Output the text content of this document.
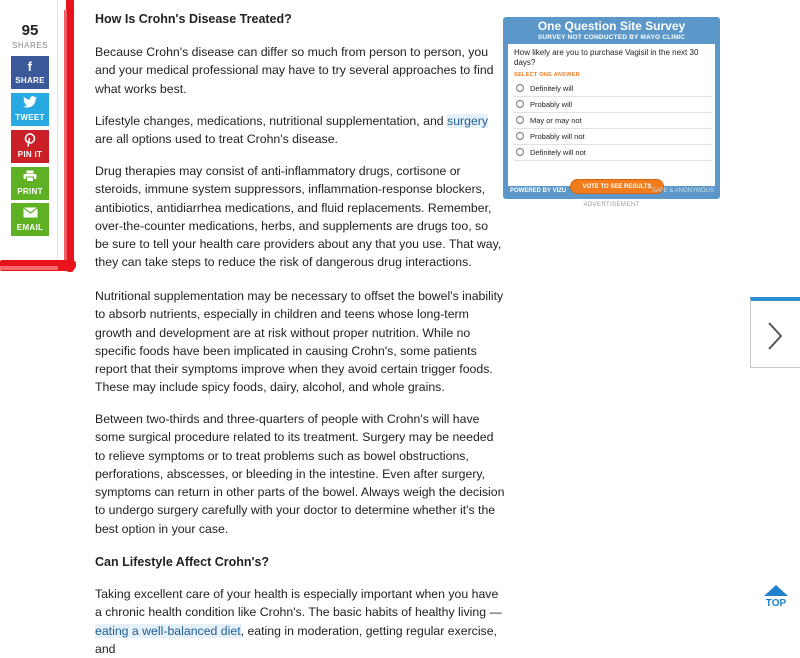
95
SHARES
f
SHARE
TWEET
PIN IT
PRINT
EMAIL
How Is Crohn's Disease Treated?

Because Crohn's disease can differ so much from person to person, you and your medical professional may have to try several approaches to find what works best.

Lifestyle changes, medications, nutritional supplementation, and surgery are all options used to treat Crohn's disease.

Drug therapies may consist of anti-inflammatory drugs, cortisone or steroids, immune system suppressors, inflammation-response blockers, antibiotics, antidiarrhea medications, and fluid replacements. Remember, over-the-counter medications, herbs, and supplements are drugs too, so be sure to tell your health care providers about any that you use. That way, they can take steps to reduce the risk of dangerous drug interactions.

Nutritional supplementation may be necessary to offset the bowel's inability to absorb nutrients, especially in children and teens whose long-term growth and development are at risk without proper nutrition. While no specific foods have been implicated in causing Crohn's, some patients report that their symptoms improve when they avoid certain trigger foods. These may include spicy foods, dairy, alcohol, and whole grains.

Between two-thirds and three-quarters of people with Crohn's will have some surgical procedure related to its treatment. Surgery may be needed to relieve symptoms or to treat problems such as bowel obstructions, perforations, abscesses, or bleeding in the intestine. Even after surgery, symptoms can return in other parts of the bowel. Always weigh the decision to undergo surgery carefully with your doctor to determine whether it's the best option in your case.

Can Lifestyle Affect Crohn's?

Taking excellent care of your health is especially important when you have a chronic health condition like Crohn's. The basic habits of healthy living — eating a well-balanced diet, eating in moderation, getting regular exercise, and

One Question Site Survey
SURVEY NOT CONDUCTED BY MAYO CLINIC
How likely are you to purchase Vagisil in the next 30 days?
SELECT ONE ANSWER
Definitely will
Probably will
May or may not
Probably will not
Definitely will not
VOTE TO SEE RESULTS
POWERED BY VIZU	SAFE & ANONYMOUS
ADVERTISEMENT
TOP
